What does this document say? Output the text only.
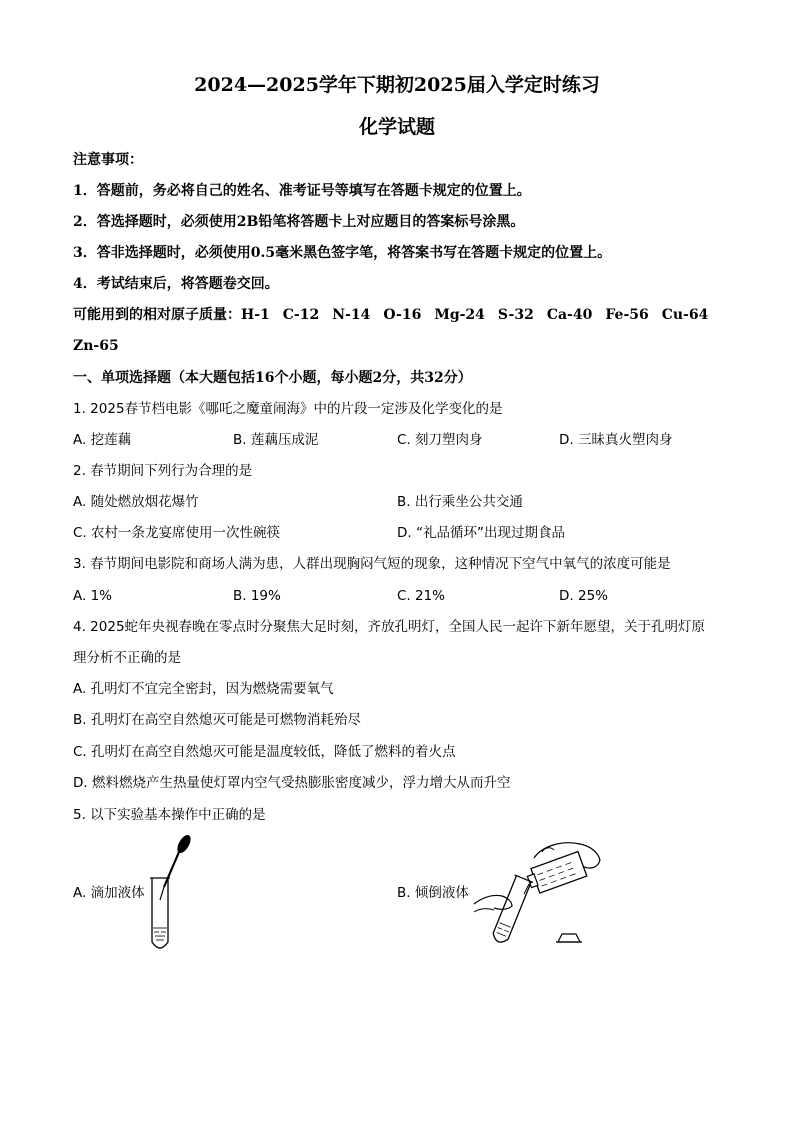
2024—2025学年下期初2025届入学定时练习
化学试题
注意事项：
1．答题前，务必将自己的姓名、准考证号等填写在答题卡规定的位置上。
2．答选择题时，必须使用2B铅笔将答题卡上对应题目的答案标号涂黑。
3．答非选择题时，必须使用0.5毫米黑色签字笔，将答案书写在答题卡规定的位置上。
4．考试结束后，将答题卷交回。
可能用到的相对原子质量：H-1 C-12 N-14 O-16 Mg-24 S-32 Ca-40 Fe-56 Cu-64
Zn-65
一、单项选择题（本大题包括16个小题，每小题2分，共32分）
1. 2025春节档电影《哪吒之魔童闹海》中的片段一定涉及化学变化的是
A. 挖莲藕	B. 莲藕压成泥	C. 刻刀塑肉身	D. 三昧真火塑肉身
2. 春节期间下列行为合理的是
A. 随处燃放烟花爆竹	B. 出行乘坐公共交通
C. 农村一条龙宴席使用一次性碗筷	D. “礼品循环”出现过期食品
3. 春节期间电影院和商场人满为患，人群出现胸闷气短的现象，这种情况下空气中氧气的浓度可能是
A. 1%	B. 19%	C. 21%	D. 25%
4. 2025蛇年央视春晚在零点时分聚焦大足时刻，齐放孔明灯，全国人民一起许下新年愿望，关于孔明灯原
理分析不正确的是
A. 孔明灯不宜完全密封，因为燃烧需要氧气
B. 孔明灯在高空自然熄灭可能是可燃物消耗殆尽
C. 孔明灯在高空自然熄灭可能是温度较低，降低了燃料的着火点
D. 燃料燃烧产生热量使灯罩内空气受热膨胀密度减少，浮力增大从而升空
5. 以下实验基本操作中正确的是
A. 滴加液体	B. 倾倒液体
